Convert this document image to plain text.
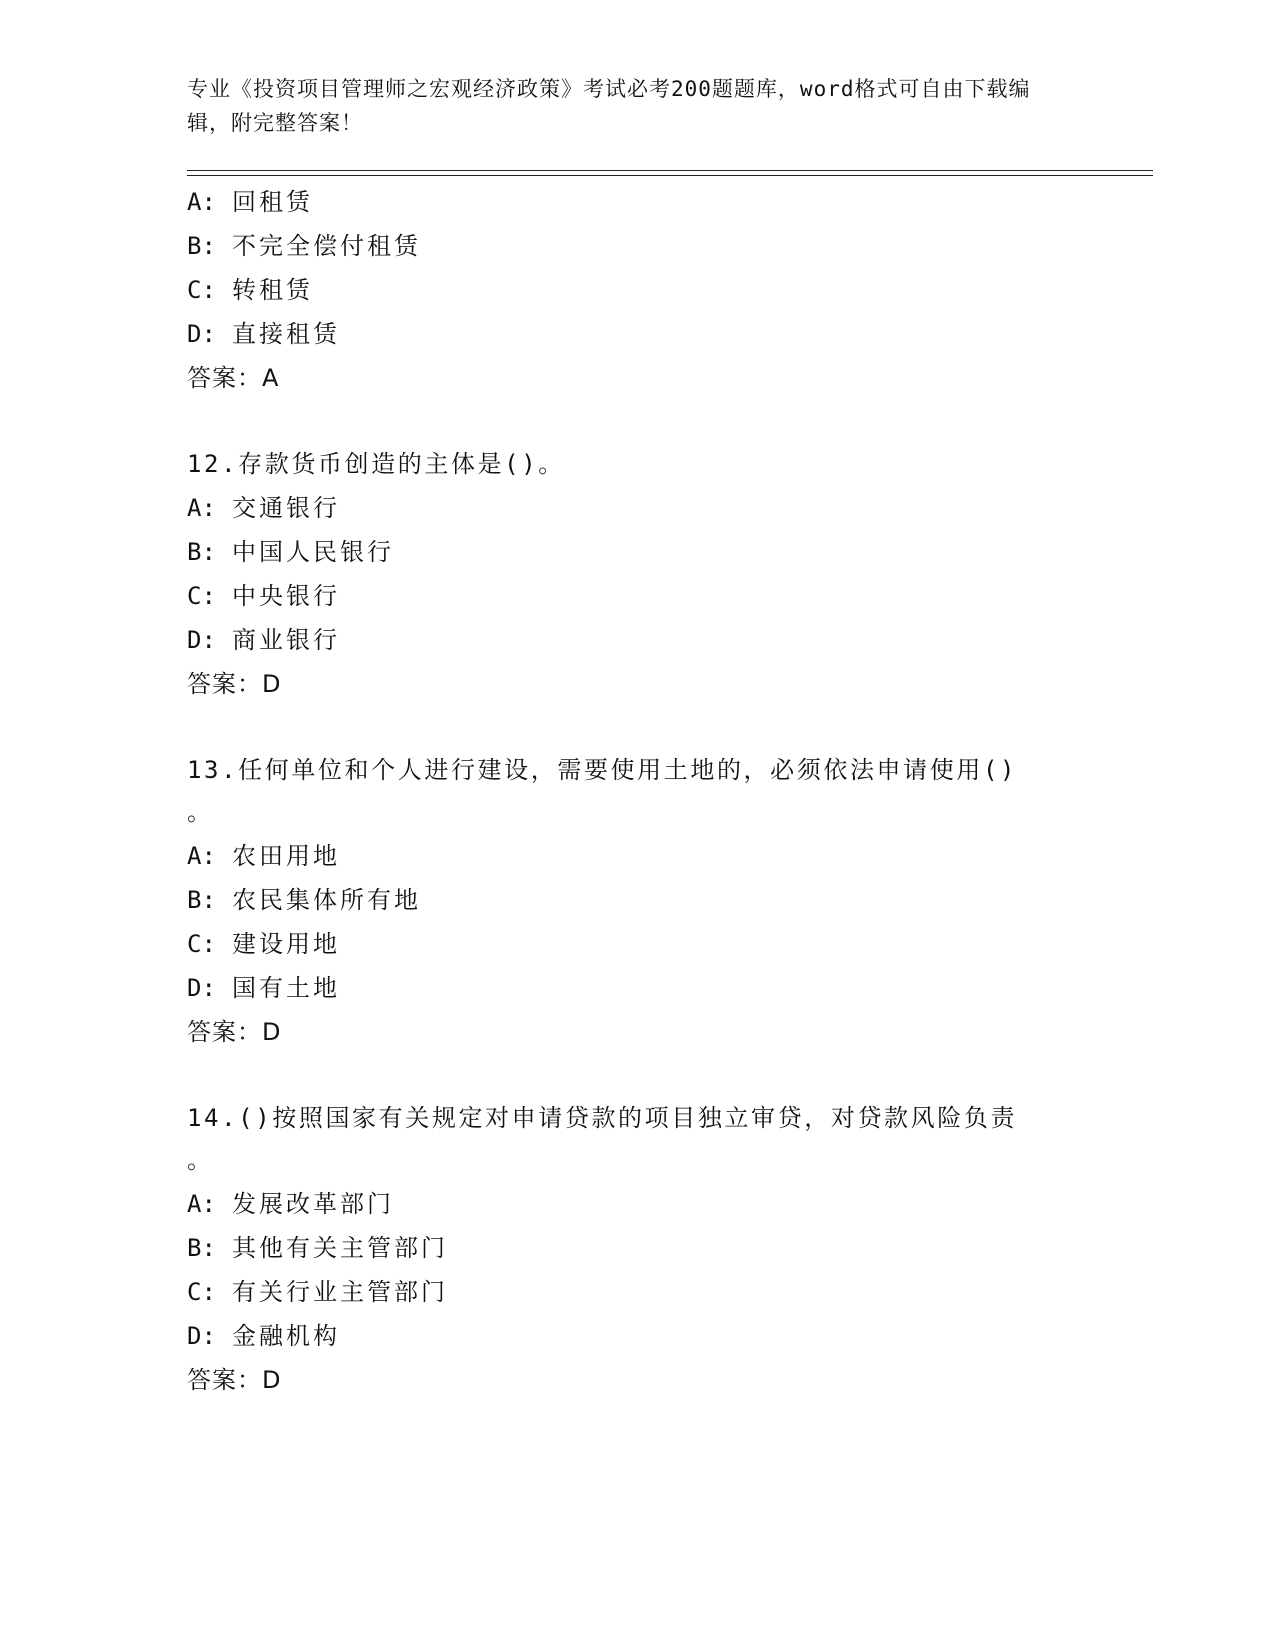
专业《投资项目管理师之宏观经济政策》考试必考200题题库，word格式可自由下载编辑，附完整答案！
A: 回租赁
B: 不完全偿付租赁
C: 转租赁
D: 直接租赁
答案：A
12.存款货币创造的主体是()。
A: 交通银行
B: 中国人民银行
C: 中央银行
D: 商业银行
答案：D
13.任何单位和个人进行建设，需要使用土地的，必须依法申请使用()
。
A: 农田用地
B: 农民集体所有地
C: 建设用地
D: 国有土地
答案：D
14.()按照国家有关规定对申请贷款的项目独立审贷，对贷款风险负责
。
A: 发展改革部门
B: 其他有关主管部门
C: 有关行业主管部门
D: 金融机构
答案：D
